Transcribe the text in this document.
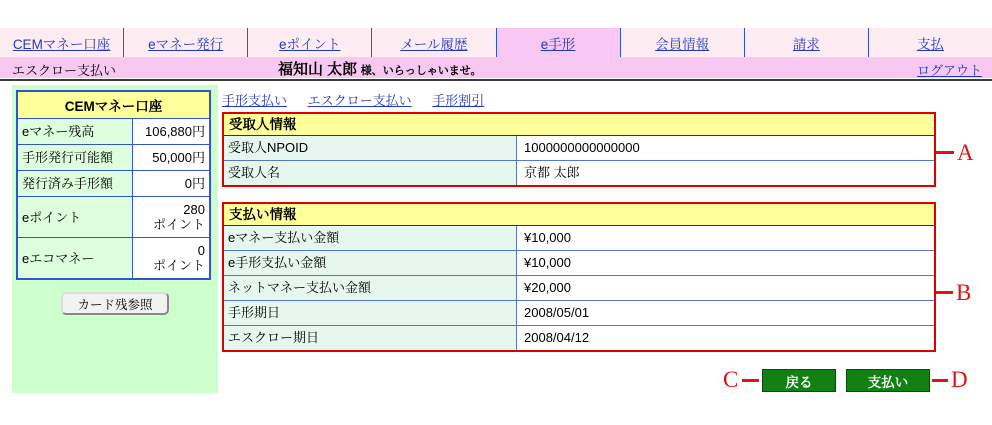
CEMマネー口座	eマネー発行	eポイント	メール履歴	e手形	会員情報	請求	支払
エスクロー支払い	福知山 太郎 様、いらっしゃいませ。	ログアウト
CEMマネー口座	
eマネー残高	106,880円
手形発行可能額	50,000円
発行済み手形額	0円
eポイント	280
ポイント

eエコマネー	0
ポイント
カード残参照
手形支払い エスクロー支払い 手形割引
受取人情報
受取人NPOID	1000000000000000
受取人名	京都 太郎
支払い情報
eマネー支払い金額	¥10,000
e手形支払い金額	¥10,000
ネットマネー支払い金額	¥20,000
手形期日	2008/05/01
エスクロー期日	2008/04/12
戻る	支払い
A
B
C	D
